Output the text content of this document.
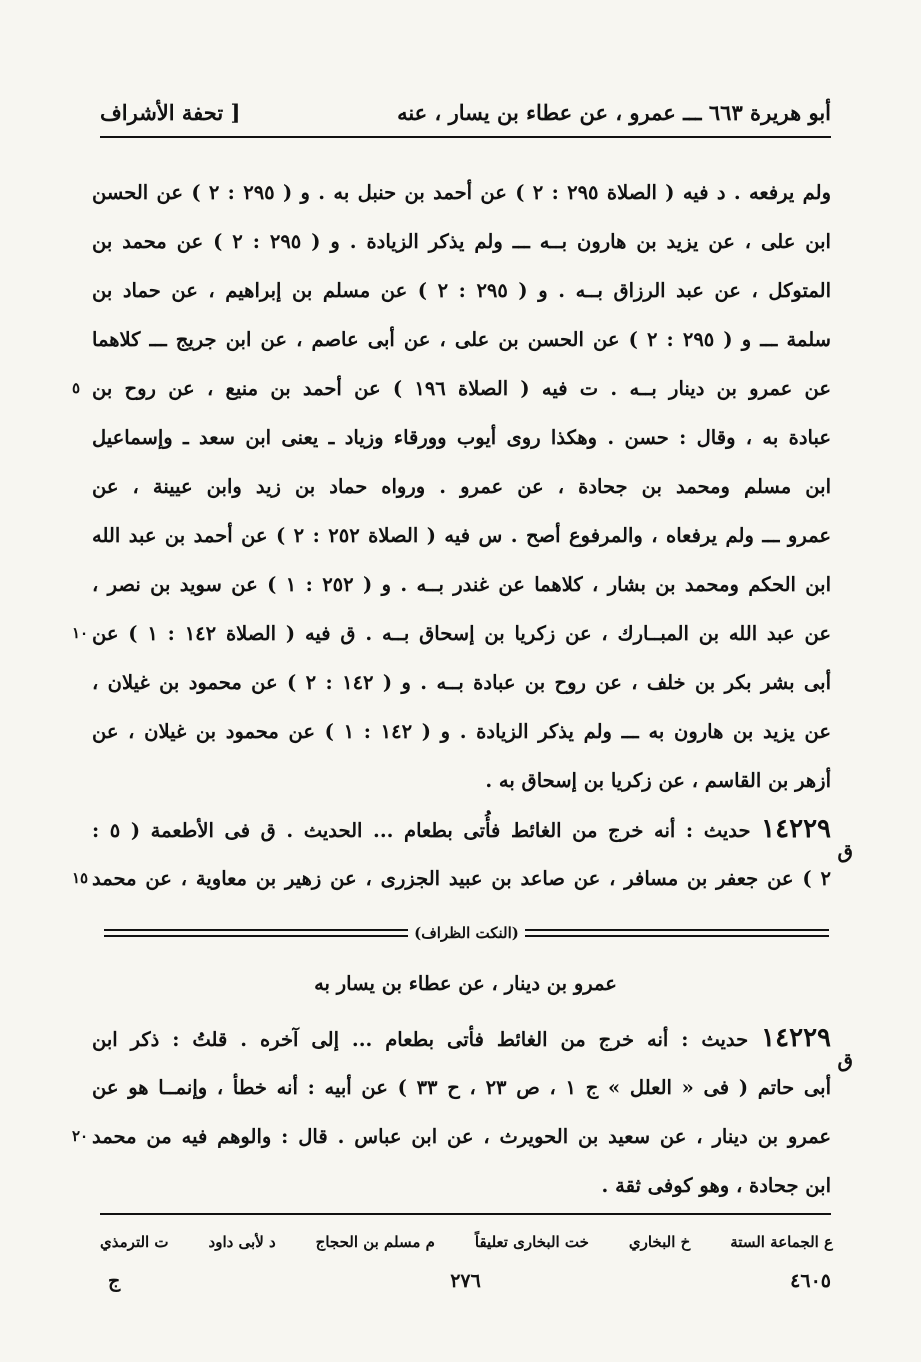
أبو هريرة ٦٦٣ ـــ عمرو ، عن عطاء بن يسار ، عنه
[ تحفة الأشراف
ولم يرفعه . د فيه ( الصلاة ٢٩٥ : ٢ ) عن أحمد بن حنبل به . و ( ٢٩٥ : ٢ ) عن الحسن
ابن على ، عن يزيد بن هارون بــه ـــ ولم يذكر الزيادة . و ( ٢٩٥ : ٢ ) عن محمد بن
المتوكل ، عن عبد الرزاق بــه . و ( ٢٩٥ : ٢ ) عن مسلم بن إبراهيم ، عن حماد بن
سلمة ـــ و ( ٢٩٥ : ٢ ) عن الحسن بن على ، عن أبى عاصم ، عن ابن جريج ـــ كلاهما
عن عمرو بن دينار بــه . ت فيه ( الصلاة ١٩٦ ) عن أحمد بن منيع ، عن روح بن
٥
عبادة به ، وقال : حسن . وهكذا روى أيوب وورقاء وزياد ـ يعنى ابن سعد ـ وإسماعيل
ابن مسلم ومحمد بن جحادة ، عن عمرو . ورواه حماد بن زيد وابن عيينة ، عن
عمرو ـــ ولم يرفعاه ، والمرفوع أصح . س فيه ( الصلاة ٢٥٢ : ٢ ) عن أحمد بن عبد الله
ابن الحكم ومحمد بن بشار ، كلاهما عن غندر بــه . و ( ٢٥٢ : ١ ) عن سويد بن نصر ،
عن عبد الله بن المبــارك ، عن زكريا بن إسحاق بــه . ق فيه ( الصلاة ١٤٢ : ١ ) عن
١٠
أبى بشر بكر بن خلف ، عن روح بن عبادة بــه . و ( ١٤٢ : ٢ ) عن محمود بن غيلان ،
عن يزيد بن هارون به ـــ ولم يذكر الزيادة . و ( ١٤٢ : ١ ) عن محمود بن غيلان ، عن
أزهر بن القاسم ، عن زكريا بن إسحاق به .
١٤٢٢٩ حديث : أنه خرج من الغائط فأُتى بطعام ... الحديث . ق فى الأطعمة ( ٥ :
ق
٢ ) عن جعفر بن مسافر ، عن صاعد بن عبيد الجزرى ، عن زهير بن معاوية ، عن محمد
١٥
(النكت الظراف)
عمرو بن دينار ، عن عطاء بن يسار به
١٤٢٢٩ حديث : أنه خرج من الغائط فأتى بطعام ... إلى آخره . قلتُ : ذكر ابن
ق
أبى حاتم ( فى « العلل » ج ١ ، ص ٢٣ ، ح ٣٣ ) عن أبيه : أنه خطأ ، وإنمــا هو عن
عمرو بن دينار ، عن سعيد بن الحويرث ، عن ابن عباس . قال : والوهم فيه من محمد
٢٠
ابن جحادة ، وهو كوفى ثقة .
ع الجماعة الستة
خ البخاري
خت البخارى تعليقاً
م مسلم بن الحجاج
د لأبى داود
ت الترمذي
٢٧٦	٤٦٠٥
ج
